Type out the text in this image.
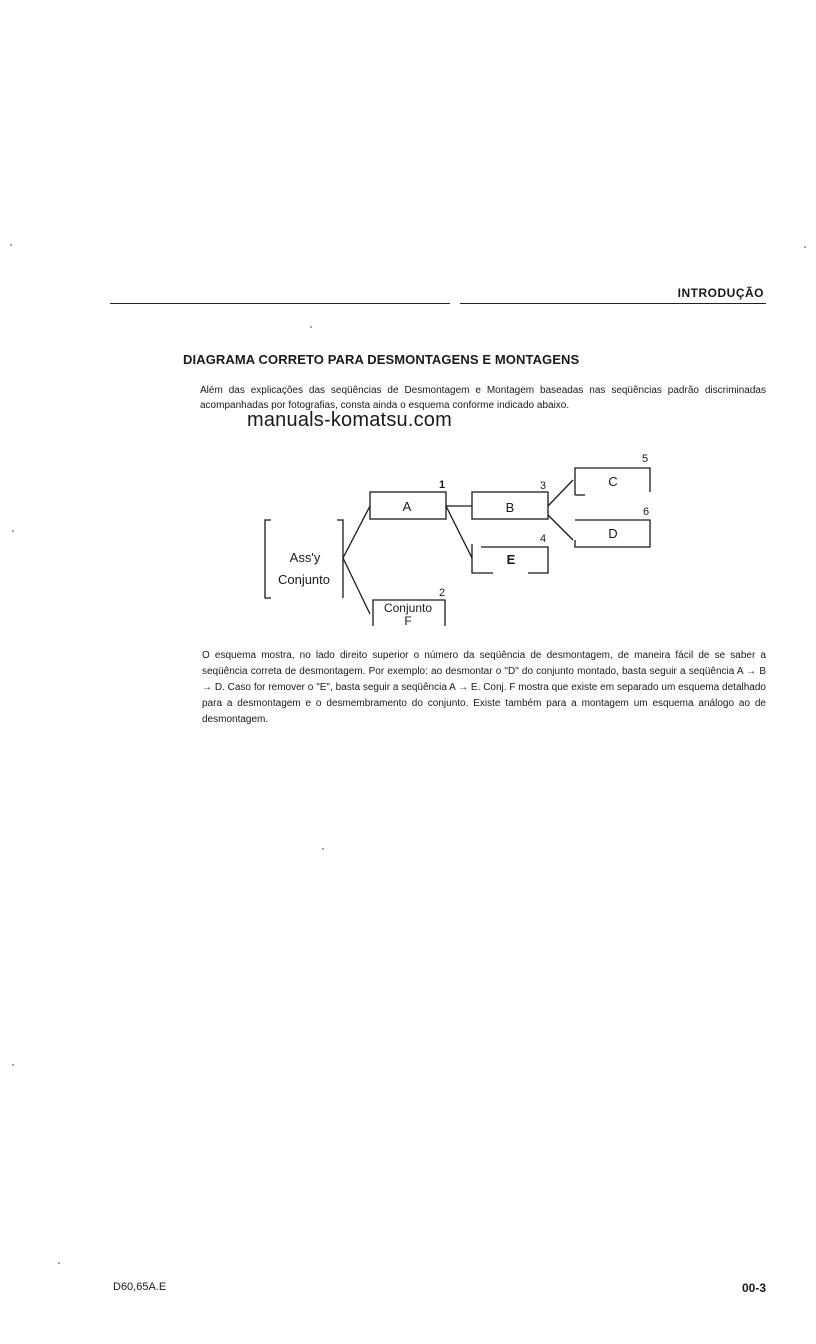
INTRODUÇÃO
DIAGRAMA CORRETO PARA DESMONTAGENS E MONTAGENS
Além das explicações das seqüências de Desmontagem e Montagem baseadas nas seqüências padrão discriminadas acompanhadas por fotografias, consta ainda o esquema conforme indicado abaixo.
manuals-komatsu.com
Ass'y
Conjunto
A	B
C
D
E
Conjunto
F
1
2
3
4
5
6
O esquema mostra, no lado direito superior o número da seqüência de desmontagem, de maneira fácil de se saber a seqüência correta de desmontagem. Por exemplo: ao desmontar o "D" do conjunto montado, basta seguir a seqüência A → B → D. Caso for remover o "E", basta seguir a seqüência A → E. Conj. F mostra que existe em separado um esquema detalhado para a desmontagem e o desmembramento do conjunto. Existe também para a montagem um esquema análogo ao de desmontagem.
D60,65A.E	00-3
